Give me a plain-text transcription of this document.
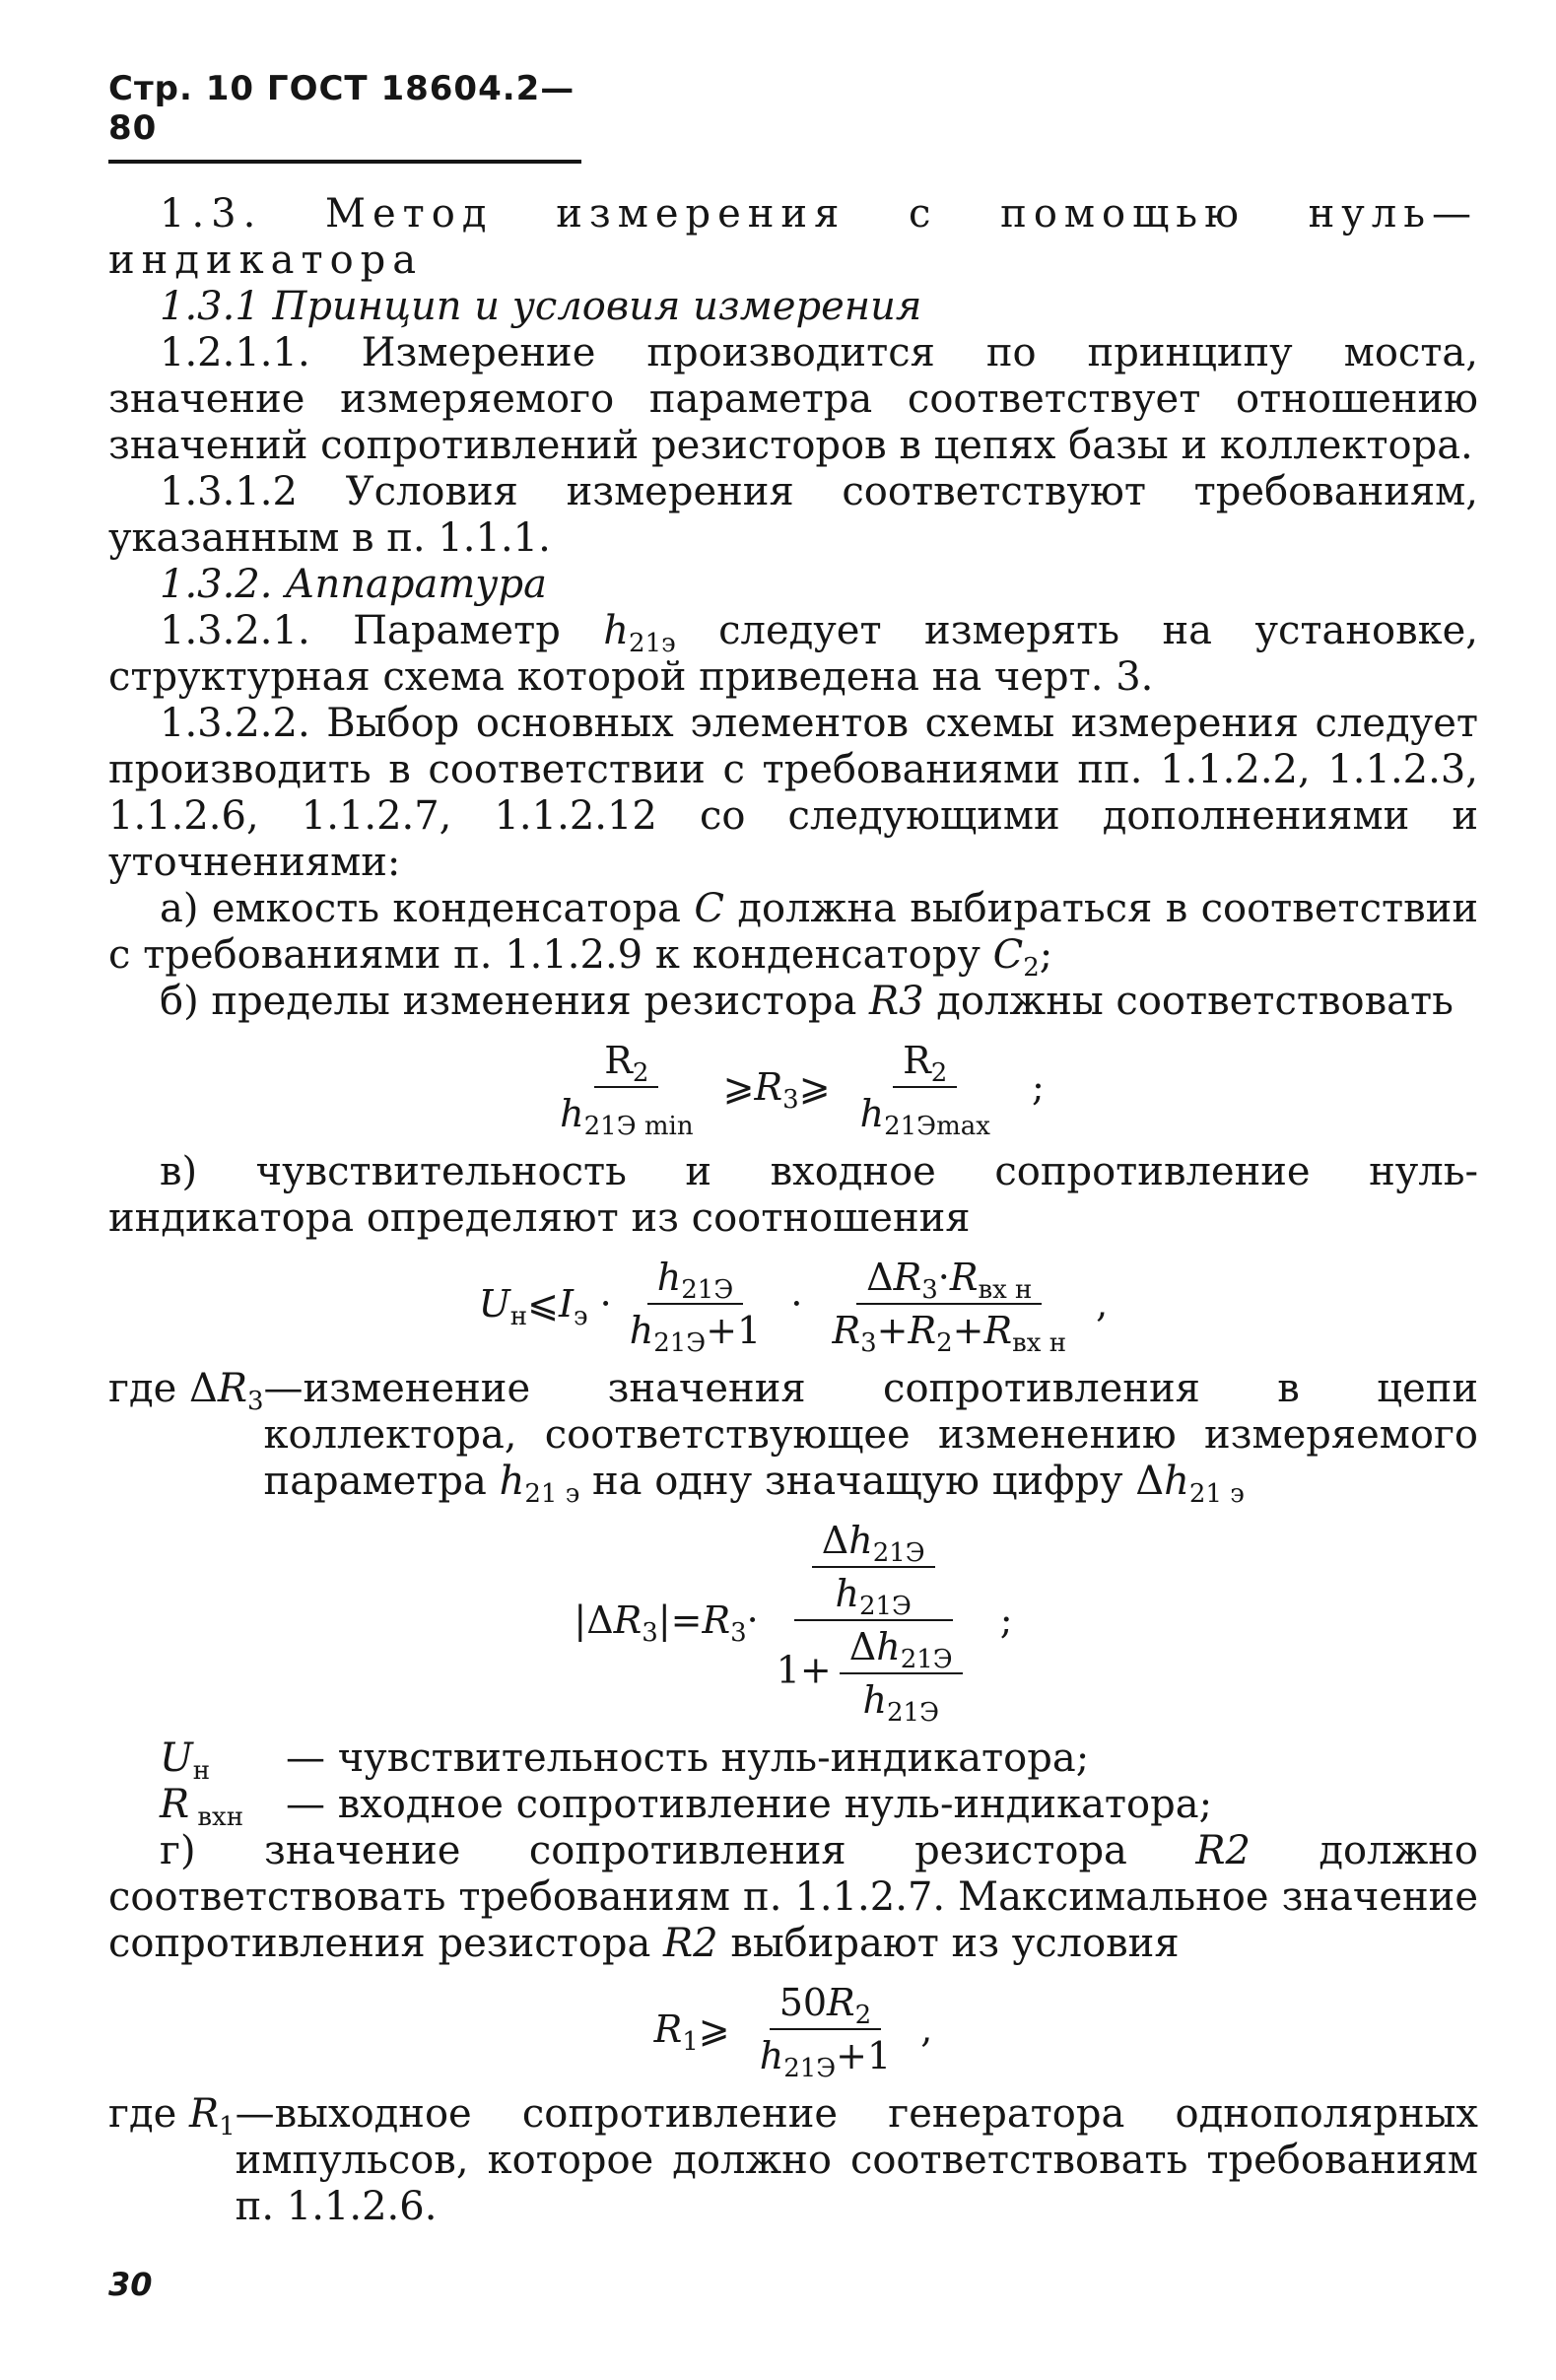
Стр. 10 ГОСТ 18604.2—80

1.3. Метод измерения с помощью нуль—индикатора

1.3.1 Принцип и условия измерения

1.2.1.1. Измерение производится по принципу моста, значение измеряемого параметра соответствует отношению значений сопротивлений резисторов в цепях базы и коллектора.

1.3.1.2 Условия измерения соответствуют требованиям, указанным в п. 1.1.1.

1.3.2. Аппаратура

1.3.2.1. Параметр $h_{21э}$ следует измерять на установке, структурная схема которой приведена на черт. 3.

1.3.2.2. Выбор основных элементов схемы измерения следует производить в соответствии с требованиями пп. 1.1.2.2, 1.1.2.3, 1.1.2.6, 1.1.2.7, 1.1.2.12 со следующими дополнениями и уточнениями:

а) емкость конденсатора C должна выбираться в соответствии с требованиями п. 1.1.2.9 к конденсатору $C_2$;

б) пределы изменения резистора R3 должны соответствовать

$\frac{R_2}{h_{21Э min}}$ $⩾R_3⩾ \frac{R_2}{h_{21Эmax}}$ ;

в) чувствительность и входное сопротивление нуль-индикатора определяют из соотношения

$U_н⩽I_э \cdot \frac{h_{21Э}}{h_{21Э}+1} \cdot \frac{\Delta R_3\cdot R_{вх н}}{R_3+R_2+R_{вх н}}$ ,
где $\Delta R_3$ —изменение значения сопротивления в цепи коллектора, соответствующее изменению измеряемого параметра $h_{21 э}$ на одну значащую цифру $\Delta h_{21 э}$
$|\Delta R_3|=R_3\cdot \frac{\frac{\Delta h_{21Э}}{h_{21Э}}}{1+ \frac{\Delta h_{21Э}}{h_{21Э}}}$ ;
$U_н$	— чувствительность нуль-индикатора;
R $_{вхн}$	— входное сопротивление нуль-индикатора;

г) значение сопротивления резистора R2 должно соответствовать требованиям п. 1.1.2.7. Максимальное значение сопротивления резистора R2 выбирают из условия

$R_1⩾ \frac{50R_2}{h_{21Э}+1}$ ,
где $R_1$ —выходное сопротивление генератора однополярных импульсов, которое должно соответствовать требованиям п. 1.1.2.6.
30
